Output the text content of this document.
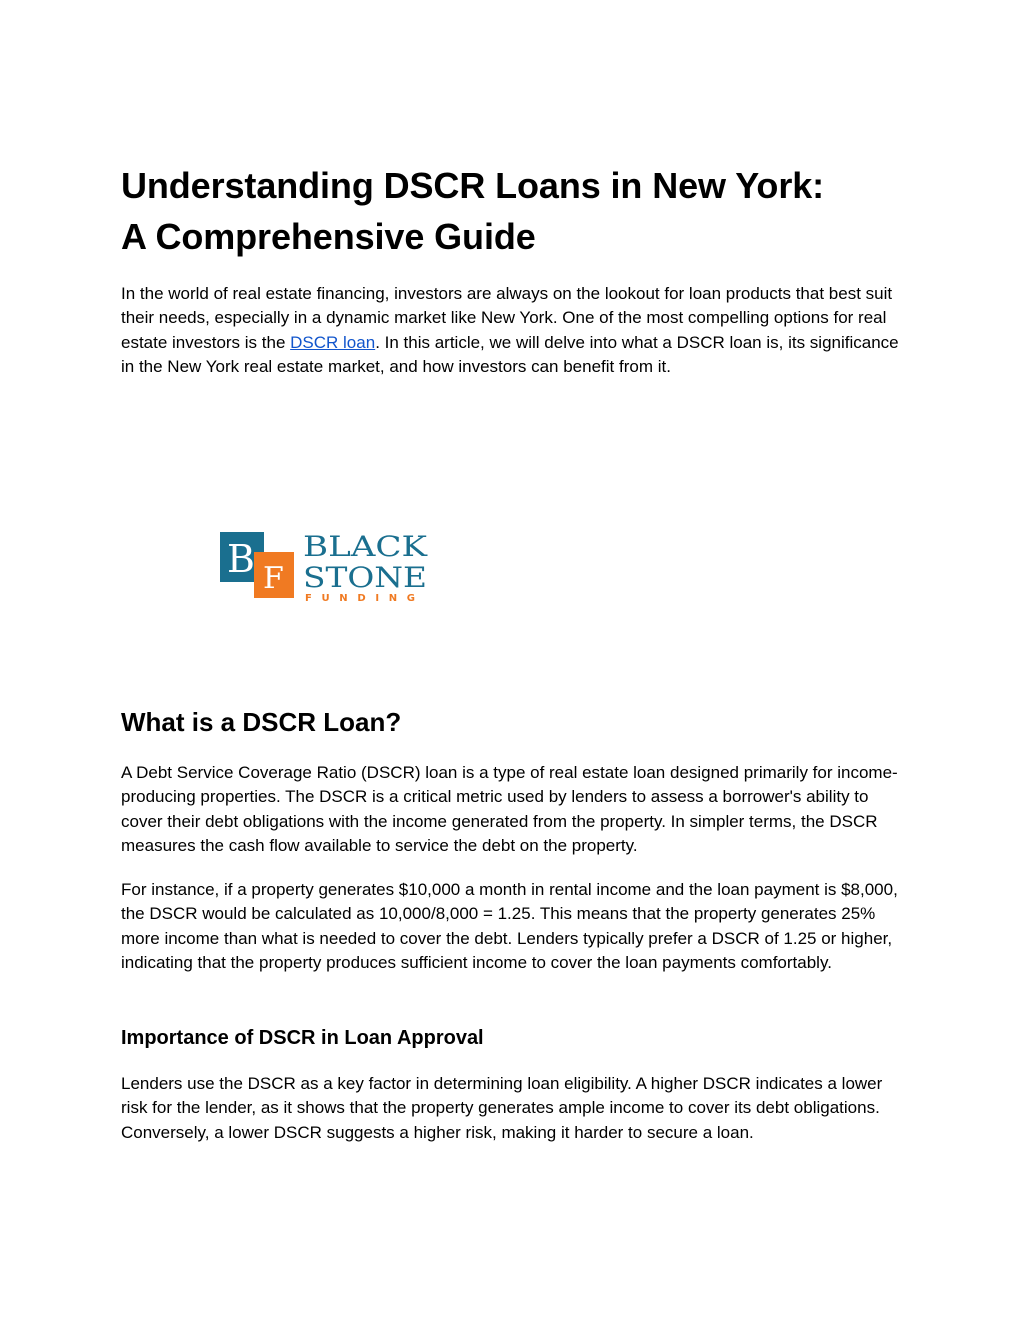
Understanding DSCR Loans in New York:
A Comprehensive Guide

In the world of real estate financing, investors are always on the lookout for loan products that best suit their needs, especially in a dynamic market like New York. One of the most compelling options for real estate investors is the DSCR loan. In this article, we will delve into what a DSCR loan is, its significance in the New York real estate market, and how investors can benefit from it.

B F
BLACK
STONE
FUNDING
What is a DSCR Loan?

A Debt Service Coverage Ratio (DSCR) loan is a type of real estate loan designed primarily for income-producing properties. The DSCR is a critical metric used by lenders to assess a borrower's ability to cover their debt obligations with the income generated from the property. In simpler terms, the DSCR measures the cash flow available to service the debt on the property.

For instance, if a property generates $10,000 a month in rental income and the loan payment is $8,000, the DSCR would be calculated as 10,000/8,000 = 1.25. This means that the property generates 25% more income than what is needed to cover the debt. Lenders typically prefer a DSCR of 1.25 or higher, indicating that the property produces sufficient income to cover the loan payments comfortably.

Importance of DSCR in Loan Approval

Lenders use the DSCR as a key factor in determining loan eligibility. A higher DSCR indicates a lower risk for the lender, as it shows that the property generates ample income to cover its debt obligations. Conversely, a lower DSCR suggests a higher risk, making it harder to secure a loan.
